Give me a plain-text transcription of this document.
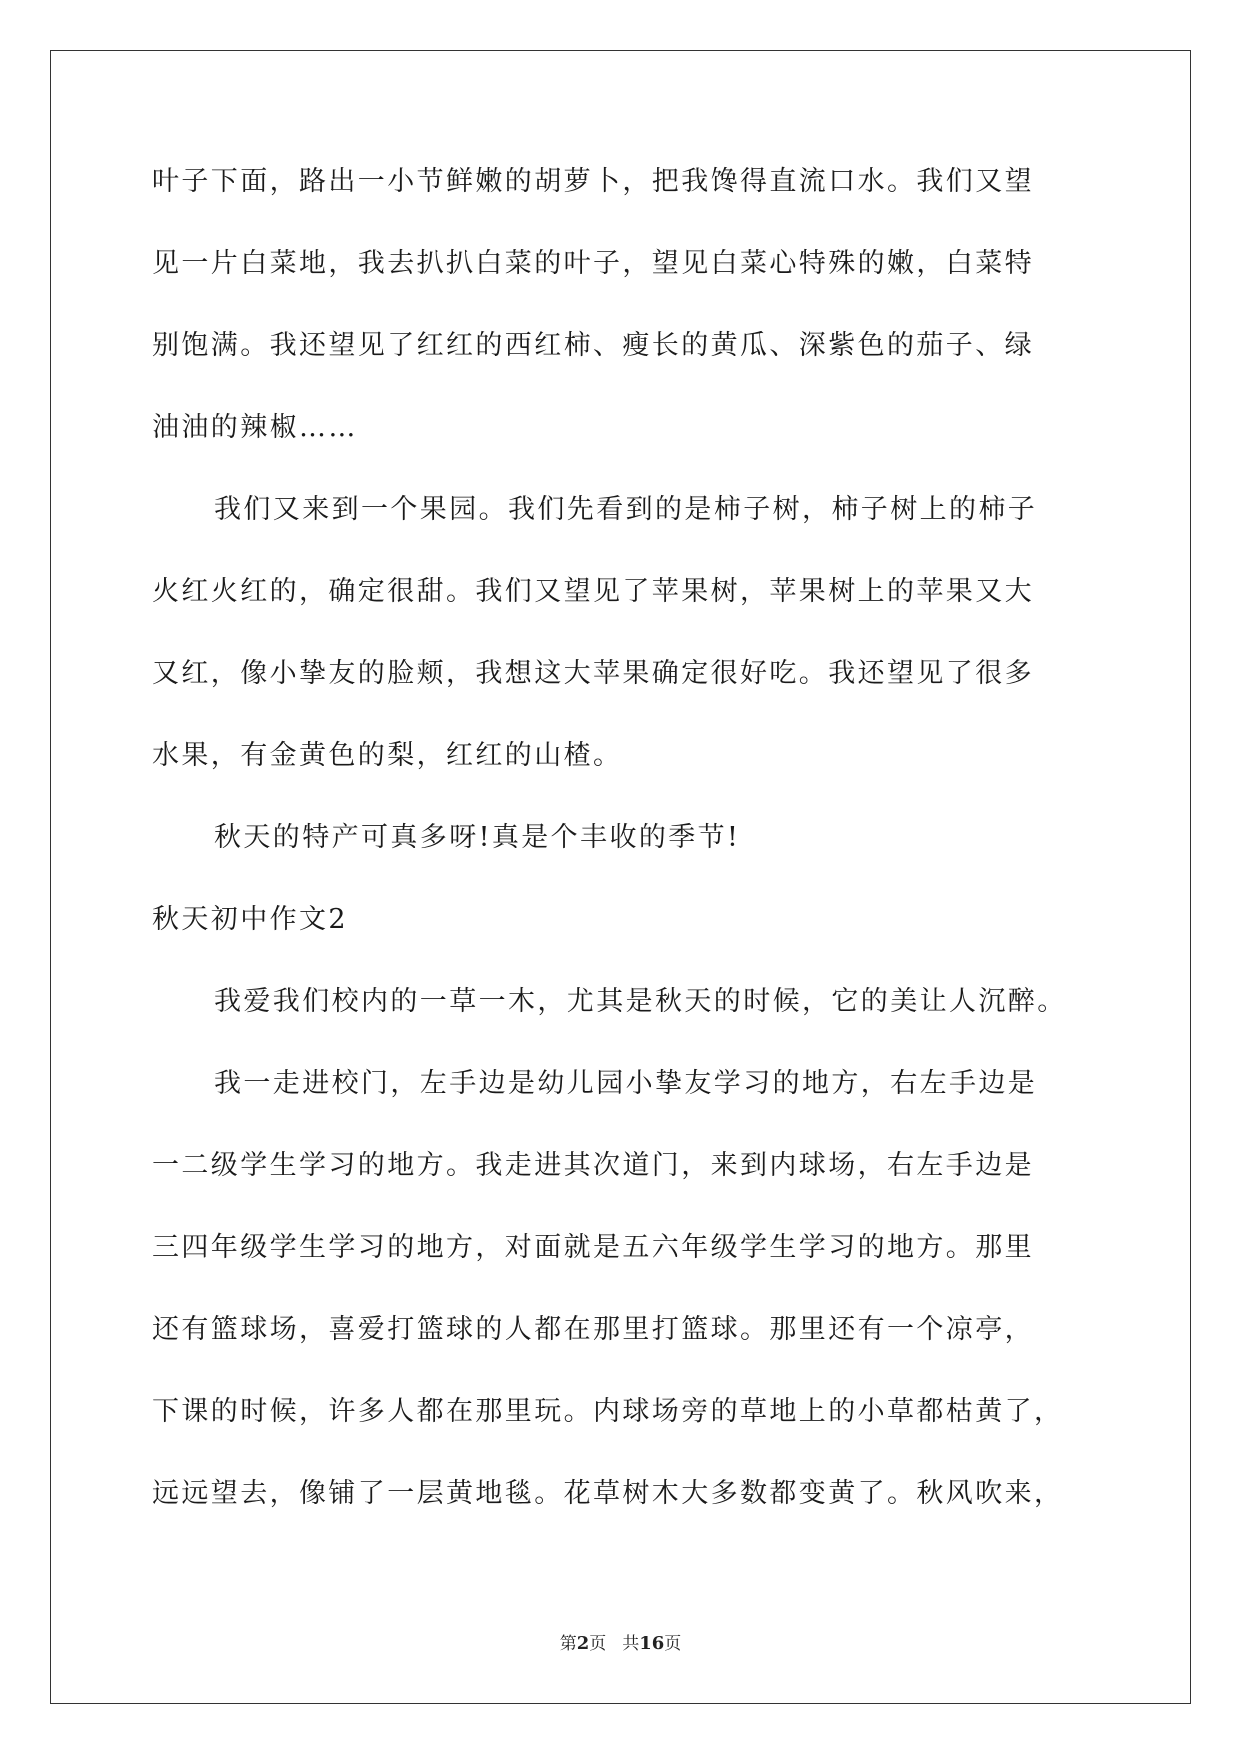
叶子下面，路出一小节鲜嫩的胡萝卜，把我馋得直流口水。我们又望
见一片白菜地，我去扒扒白菜的叶子，望见白菜心特殊的嫩，白菜特
别饱满。我还望见了红红的西红柿、瘦长的黄瓜、深紫色的茄子、绿
油油的辣椒……
我们又来到一个果园。我们先看到的是柿子树，柿子树上的柿子
火红火红的，确定很甜。我们又望见了苹果树，苹果树上的苹果又大
又红，像小挚友的脸颊，我想这大苹果确定很好吃。我还望见了很多
水果，有金黄色的梨，红红的山楂。
秋天的特产可真多呀!真是个丰收的季节!
秋天初中作文2
我爱我们校内的一草一木，尤其是秋天的时候，它的美让人沉醉。
我一走进校门，左手边是幼儿园小挚友学习的地方，右左手边是
一二级学生学习的地方。我走进其次道门，来到内球场，右左手边是
三四年级学生学习的地方，对面就是五六年级学生学习的地方。那里
还有篮球场，喜爱打篮球的人都在那里打篮球。那里还有一个凉亭，
下课的时候，许多人都在那里玩。内球场旁的草地上的小草都枯黄了，
远远望去，像铺了一层黄地毯。花草树木大多数都变黄了。秋风吹来，
第2页 共16页
